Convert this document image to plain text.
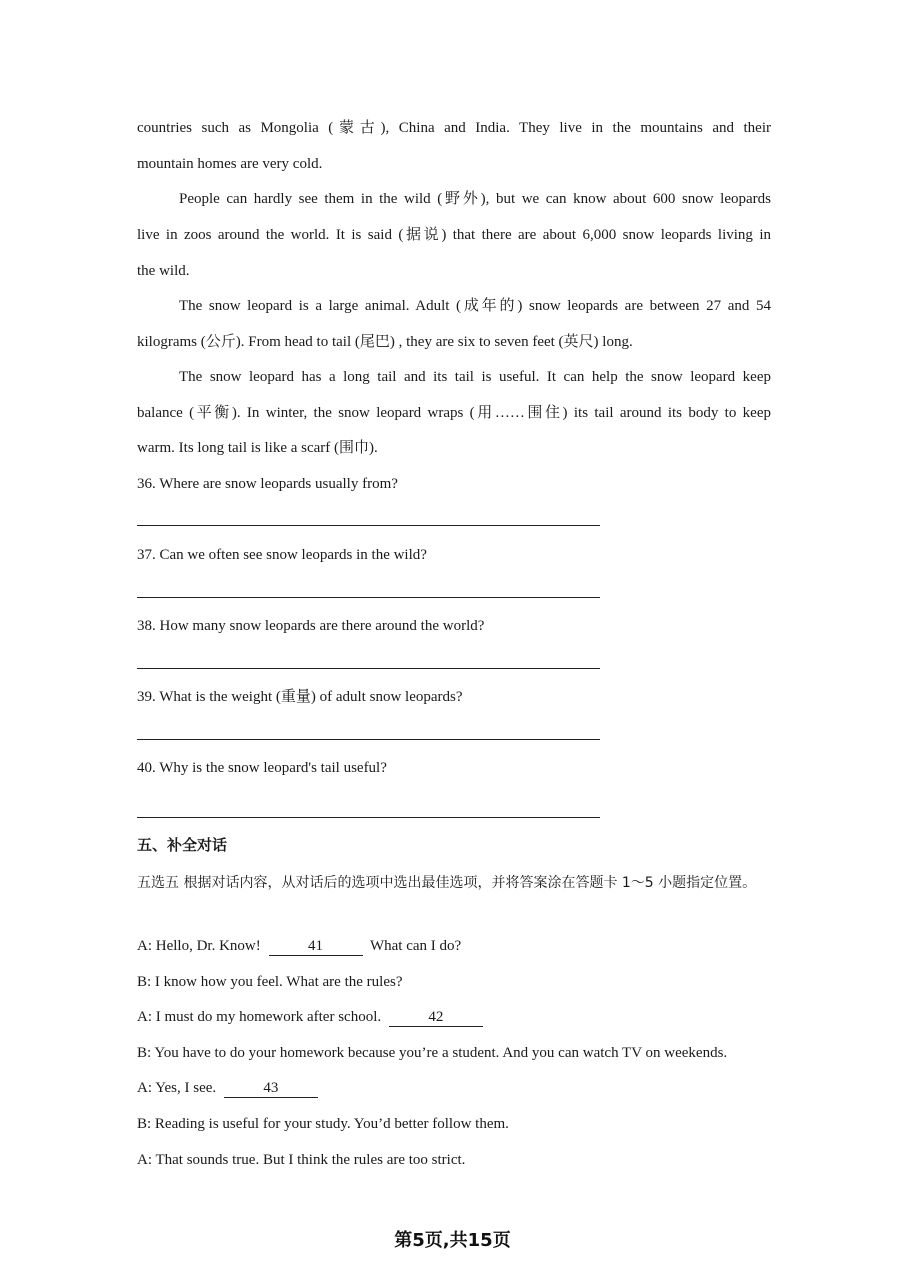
countries such as Mongolia (蒙古), China and India. They live in the mountains and their
mountain homes are very cold.
People can hardly see them in the wild (野外), but we can know about 600 snow leopards
live in zoos around the world. It is said (据说) that there are about 6,000 snow leopards living in
the wild.
The snow leopard is a large animal. Adult (成年的) snow leopards are between 27 and 54
kilograms (公斤). From head to tail (尾巴) , they are six to seven feet (英尺) long.
The snow leopard has a long tail and its tail is useful. It can help the snow leopard keep
balance (平衡). In winter, the snow leopard wraps (用……围住) its tail around its body to keep
warm. Its long tail is like a scarf (围巾).
36. Where are snow leopards usually from?
37. Can we often see snow leopards in the wild?
38. How many snow leopards are there around the world?
39. What is the weight (重量) of adult snow leopards?
40. Why is the snow leopard's tail useful?
五、补全对话
五选五 根据对话内容，从对话后的选项中选出最佳选项，并将答案涂在答题卡 1～5 小题指定位置。
A: Hello, Dr. Know!	41	What can I do?
B: I know how you feel. What are the rules?
A: I must do my homework after school.	42
B: You have to do your homework because you’re a student. And you can watch TV on weekends.
A: Yes, I see.	43
B: Reading is useful for your study. You’d better follow them.
A: That sounds true. But I think the rules are too strict.
第5页,共15页
